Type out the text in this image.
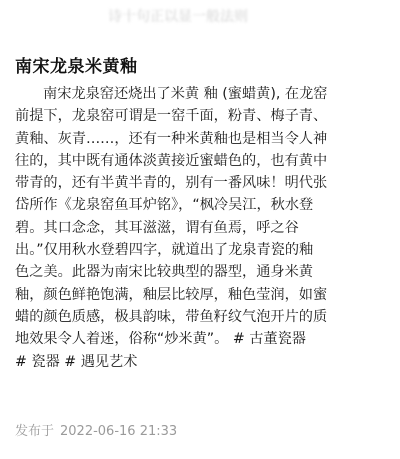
诗十句正以显一般法则
南宋龙泉米黄釉
南宋龙泉窑还烧出了米黄 釉 (蜜蜡黄), 在龙窑
前提下，龙泉窑可谓是一窑千面，粉青、梅子青、
黄釉、灰青……，还有一种米黄釉也是相当令人神
往的，其中既有通体淡黄接近蜜蜡色的，也有黄中
带青的，还有半黄半青的，别有一番风味！明代张
岱所作《龙泉窑鱼耳炉铭》，“枫冷吴江，秋水登
碧。其口念念，其耳滋滋，谓有鱼焉，呼之谷
出。”仅用秋水登碧四字，就道出了龙泉青瓷的釉
色之美。此器为南宋比较典型的器型，通身米黄
釉，颜色鲜艳饱满，釉层比较厚，釉色莹润，如蜜
蜡的颜色质感，极具韵味，带鱼籽纹气泡开片的质
地效果令人着迷，俗称“炒米黄”。 # 古董瓷器
# 瓷器 # 遇见艺术
发布于 2022-06-16 21:33
